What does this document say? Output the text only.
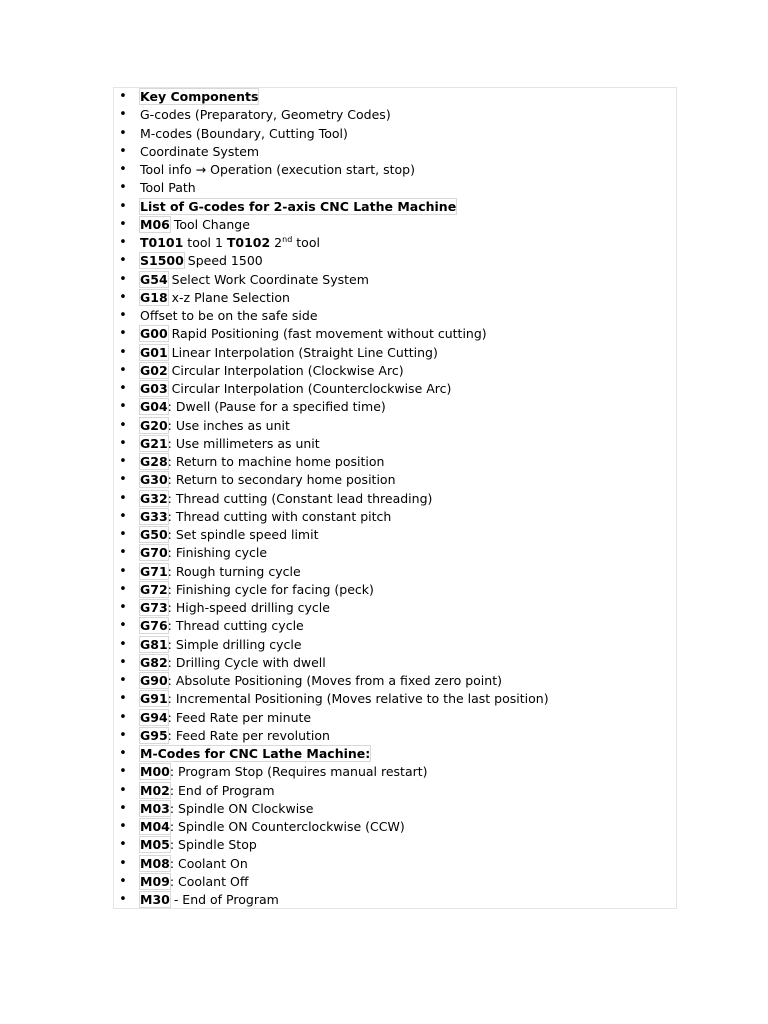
• Key Components
• G-codes (Preparatory, Geometry Codes)
• M-codes (Boundary, Cutting Tool)
• Coordinate System
• Tool info → Operation (execution start, stop)
• Tool Path
• List of G-codes for 2-axis CNC Lathe Machine
• M06 Tool Change
• T0101 tool 1 T0102 2nd tool
• S1500 Speed 1500
• G54 Select Work Coordinate System
• G18 x-z Plane Selection
• Offset to be on the safe side
• G00 Rapid Positioning (fast movement without cutting)
• G01 Linear Interpolation (Straight Line Cutting)
• G02 Circular Interpolation (Clockwise Arc)
• G03 Circular Interpolation (Counterclockwise Arc)
• G04: Dwell (Pause for a specified time)
• G20: Use inches as unit
• G21: Use millimeters as unit
• G28: Return to machine home position
• G30: Return to secondary home position
• G32: Thread cutting (Constant lead threading)
• G33: Thread cutting with constant pitch
• G50: Set spindle speed limit
• G70: Finishing cycle
• G71: Rough turning cycle
• G72: Finishing cycle for facing (peck)
• G73: High-speed drilling cycle
• G76: Thread cutting cycle
• G81: Simple drilling cycle
• G82: Drilling Cycle with dwell
• G90: Absolute Positioning (Moves from a fixed zero point)
• G91: Incremental Positioning (Moves relative to the last position)
• G94: Feed Rate per minute
• G95: Feed Rate per revolution
• M-Codes for CNC Lathe Machine:
• M00: Program Stop (Requires manual restart)
• M02: End of Program
• M03: Spindle ON Clockwise
• M04: Spindle ON Counterclockwise (CCW)
• M05: Spindle Stop
• M08: Coolant On
• M09: Coolant Off
• M30 - End of Program
